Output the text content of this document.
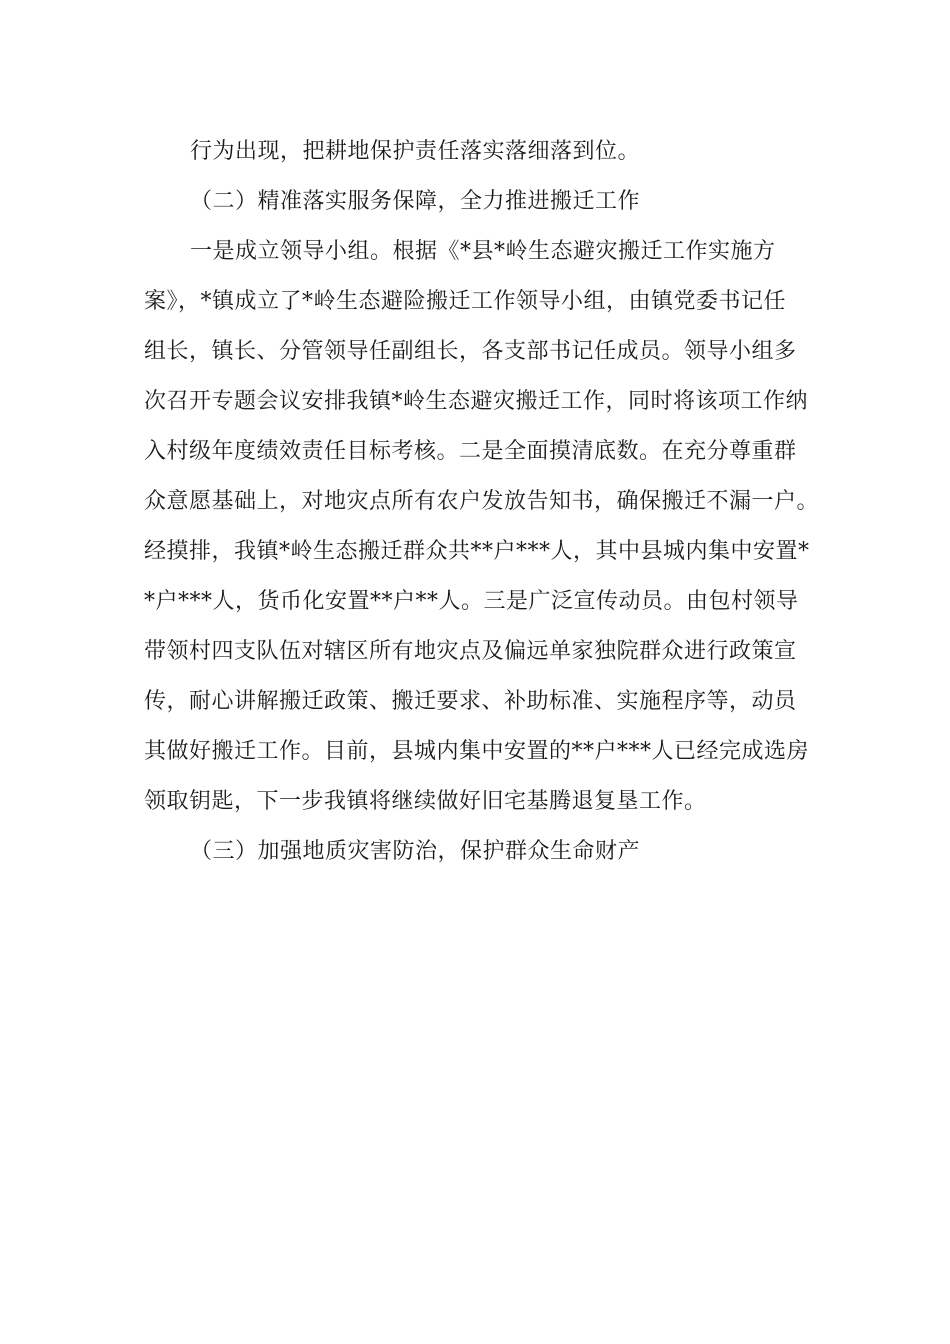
行为出现，把耕地保护责任落实落细落到位。
（二）精准落实服务保障，全力推进搬迁工作
一是成立领导小组。根据《*县*岭生态避灾搬迁工作实施方
案》，*镇成立了*岭生态避险搬迁工作领导小组，由镇党委书记任
组长，镇长、分管领导任副组长，各支部书记任成员。领导小组多
次召开专题会议安排我镇*岭生态避灾搬迁工作，同时将该项工作纳
入村级年度绩效责任目标考核。二是全面摸清底数。在充分尊重群
众意愿基础上，对地灾点所有农户发放告知书，确保搬迁不漏一户。
经摸排，我镇*岭生态搬迁群众共**户***人，其中县城内集中安置*
*户***人，货币化安置**户**人。三是广泛宣传动员。由包村领导
带领村四支队伍对辖区所有地灾点及偏远单家独院群众进行政策宣
传，耐心讲解搬迁政策、搬迁要求、补助标准、实施程序等，动员
其做好搬迁工作。目前，县城内集中安置的**户***人已经完成选房
领取钥匙，下一步我镇将继续做好旧宅基腾退复垦工作。
（三）加强地质灾害防治，保护群众生命财产
